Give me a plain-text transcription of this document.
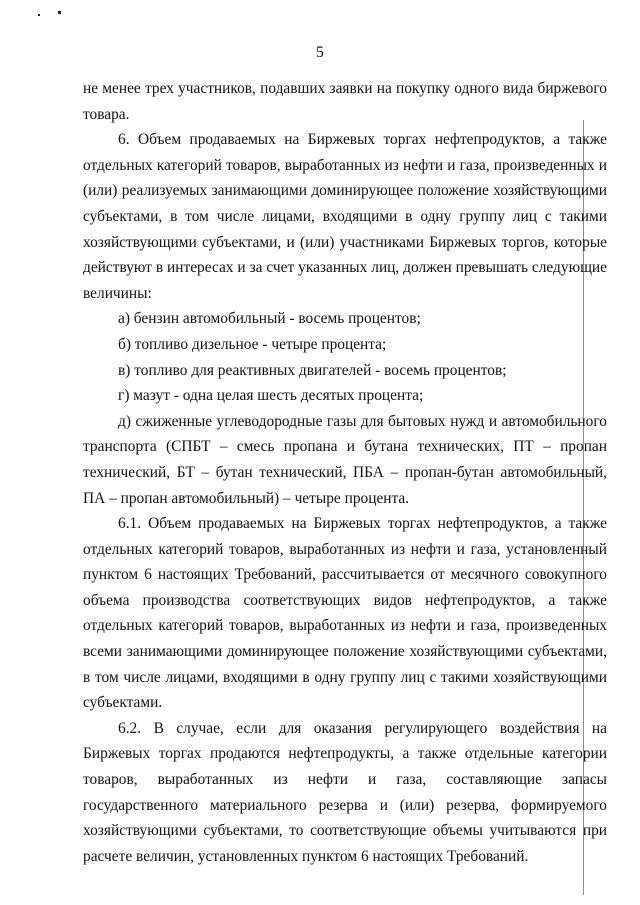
5

не менее трех участников, подавших заявки на покупку одного вида биржевого товара.

6. Объем продаваемых на Биржевых торгах нефтепродуктов, а также отдельных категорий товаров, выработанных из нефти и газа, произведенных и (или) реализуемых занимающими доминирующее положение хозяйствующими субъектами, в том числе лицами, входящими в одну группу лиц с такими хозяйствующими субъектами, и (или) участниками Биржевых торгов, которые действуют в интересах и за счет указанных лиц, должен превышать следующие величины:

а) бензин автомобильный - восемь процентов;

б) топливо дизельное - четыре процента;

в) топливо для реактивных двигателей - восемь процентов;

г) мазут - одна целая шесть десятых процента;

д) сжиженные углеводородные газы для бытовых нужд и автомобильного транспорта (СПБТ – смесь пропана и бутана технических, ПТ – пропан технический, БТ – бутан технический, ПБА – пропан-бутан автомобильный, ПА – пропан автомобильный) – четыре процента.

6.1. Объем продаваемых на Биржевых торгах нефтепродуктов, а также отдельных категорий товаров, выработанных из нефти и газа, установленный пунктом 6 настоящих Требований, рассчитывается от месячного совокупного объема производства соответствующих видов нефтепродуктов, а также отдельных категорий товаров, выработанных из нефти и газа, произведенных всеми занимающими доминирующее положение хозяйствующими субъектами, в том числе лицами, входящими в одну группу лиц с такими хозяйствующими субъектами.

6.2. В случае, если для оказания регулирующего воздействия на Биржевых торгах продаются нефтепродукты, а также отдельные категории товаров, выработанных из нефти и газа, составляющие запасы государственного материального резерва и (или) резерва, формируемого хозяйствующими субъектами, то соответствующие объемы учитываются при расчете величин, установленных пунктом 6 настоящих Требований.
